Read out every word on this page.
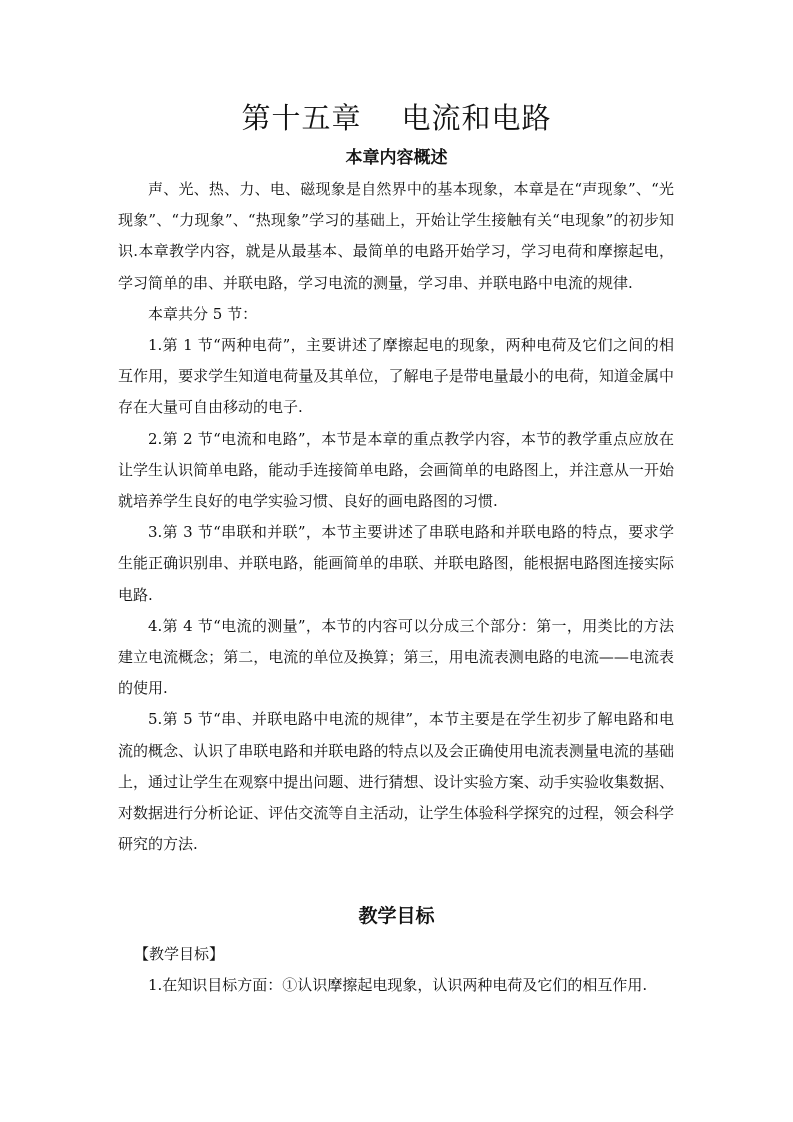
第十五章 电流和电路
本章内容概述

声、光、热、力、电、磁现象是自然界中的基本现象，本章是在“声现象”、“光现象”、“力现象”、“热现象”学习的基础上，开始让学生接触有关“电现象”的初步知识.本章教学内容，就是从最基本、最简单的电路开始学习，学习电荷和摩擦起电，学习简单的串、并联电路，学习电流的测量，学习串、并联电路中电流的规律.

本章共分 5 节：

1.第 1 节“两种电荷”，主要讲述了摩擦起电的现象，两种电荷及它们之间的相互作用，要求学生知道电荷量及其单位，了解电子是带电量最小的电荷，知道金属中存在大量可自由移动的电子.

2.第 2 节“电流和电路”，本节是本章的重点教学内容，本节的教学重点应放在让学生认识简单电路，能动手连接简单电路，会画简单的电路图上，并注意从一开始就培养学生良好的电学实验习惯、良好的画电路图的习惯.

3.第 3 节“串联和并联”，本节主要讲述了串联电路和并联电路的特点，要求学生能正确识别串、并联电路，能画简单的串联、并联电路图，能根据电路图连接实际电路.

4.第 4 节“电流的测量”，本节的内容可以分成三个部分：第一，用类比的方法建立电流概念；第二，电流的单位及换算；第三，用电流表测电路的电流——电流表的使用.

5.第 5 节“串、并联电路中电流的规律”，本节主要是在学生初步了解电路和电流的概念、认识了串联电路和并联电路的特点以及会正确使用电流表测量电流的基础上，通过让学生在观察中提出问题、进行猜想、设计实验方案、动手实验收集数据、对数据进行分析论证、评估交流等自主活动，让学生体验科学探究的过程，领会科学研究的方法.

教学目标

【教学目标】

1.在知识目标方面：①认识摩擦起电现象，认识两种电荷及它们的相互作用.
